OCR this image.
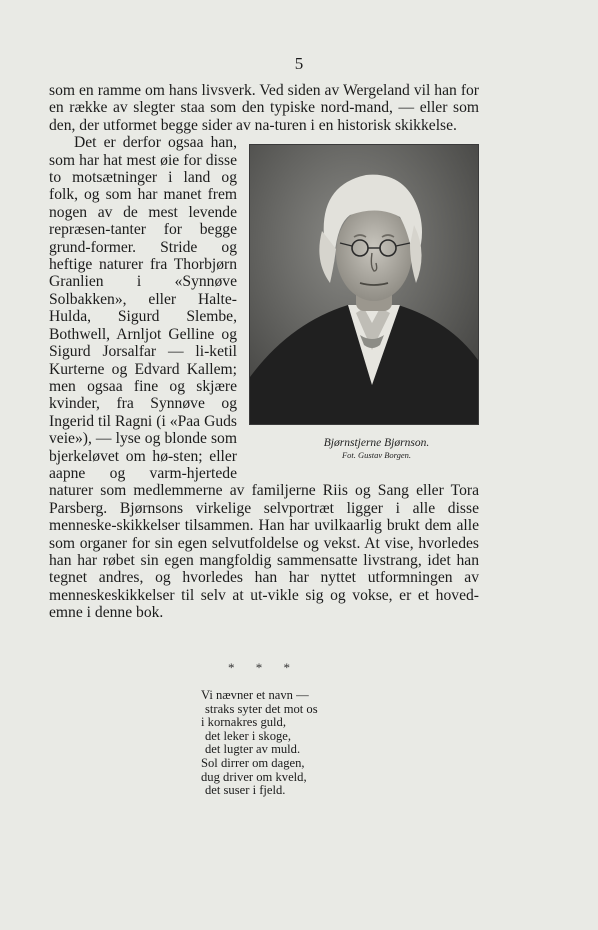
5

som en ramme om hans livsverk. Ved siden av Wergeland vil han for en række av slegter staa som den typiske nord‐mand, — eller som den, der utformet begge sider av na‐turen i en historisk skikkelse.

Bjørnstjerne Bjørnson.
Fot. Gustav Borgen.
Det er derfor ogsaa han, som har hat mest øie for disse to motsætninger i land og folk, og som har manet frem nogen av de mest levende repræsen‐tanter for begge grund‐former. Stride og heftige naturer fra Thorbjørn Granlien i «Synnøve Solbakken», eller Halte‐Hulda, Sigurd Slembe, Bothwell, Arnljot Gelline og Sigurd Jorsalfar — li‐ketil Kurterne og Edvard Kallem; men ogsaa fine og skjære kvinder, fra Synnøve og Ingerid til Ragni (i «Paa Guds veie»), — lyse og blonde som bjerkeløvet om hø‐sten; eller aapne og varm‐hjertede naturer som medlemmerne av familjerne Riis og Sang eller Tora Parsberg. Bjørnsons virkelige selvportræt ligger i alle disse menneske‐skikkelser tilsammen. Han har uvilkaarlig brukt dem alle som organer for sin egen selvutfoldelse og vekst. At vise, hvorledes han har røbet sin egen mangfoldig sammensatte livstrang, idet han tegnet andres, og hvorledes han har nyttet utformningen av menneskeskikkelser til selv at ut‐vikle sig og vokse, er et hoved‐emne i denne bok.

* * *
Vi nævner et navn —
straks syter det mot os
i kornakres guld,
det leker i skoge,
det lugter av muld.
Sol dirrer om dagen,
dug driver om kveld,
det suser i fjeld.
